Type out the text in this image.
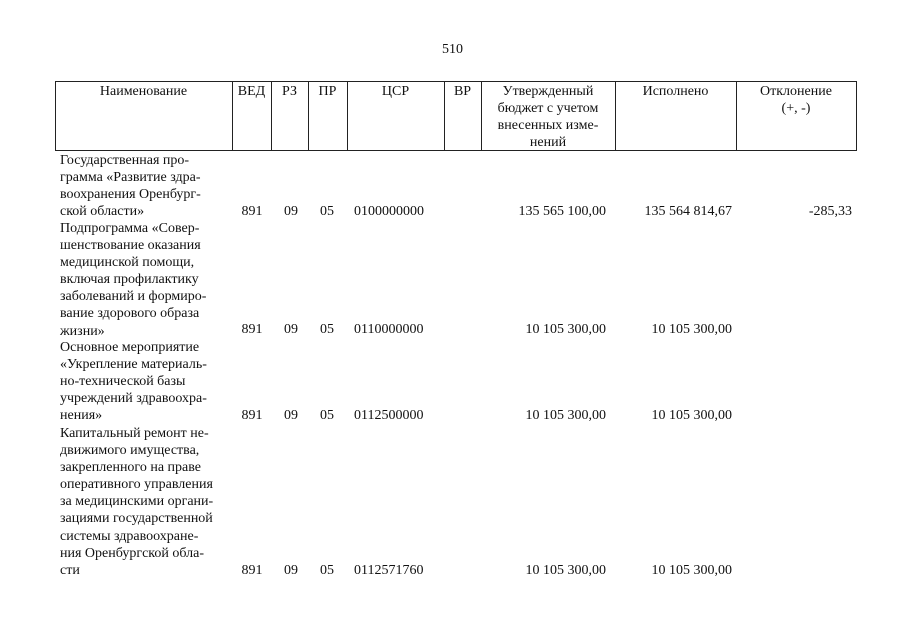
510
Наименование	ВЕД	РЗ	ПР	ЦСР	ВР	Утвержденный
бюджет с учетом
внесенных изме-
нений
Исполнено	Отклонение
(+, -)
Государственная про-
грамма «Развитие здра-
воохранения Оренбург-
ской области»	891 09 05 0100000000	135 565 100,00	135 564 814,67	-285,33
Подпрограмма «Совер-
шенствование оказания
медицинской помощи,
включая профилактику
заболеваний и формиро-
вание здорового образа
жизни»	891 09 05 0110000000	10 105 300,00	10 105 300,00
Основное мероприятие
«Укрепление материаль-
но-технической базы
учреждений здравоохра-
нения»	891 09 05 0112500000	10 105 300,00	10 105 300,00
Капитальный ремонт не-
движимого имущества,
закрепленного на праве
оперативного управления
за медицинскими органи-
зациями государственной
системы здравоохране-
ния Оренбургской обла-
сти	891 09 05 0112571760	10 105 300,00	10 105 300,00
